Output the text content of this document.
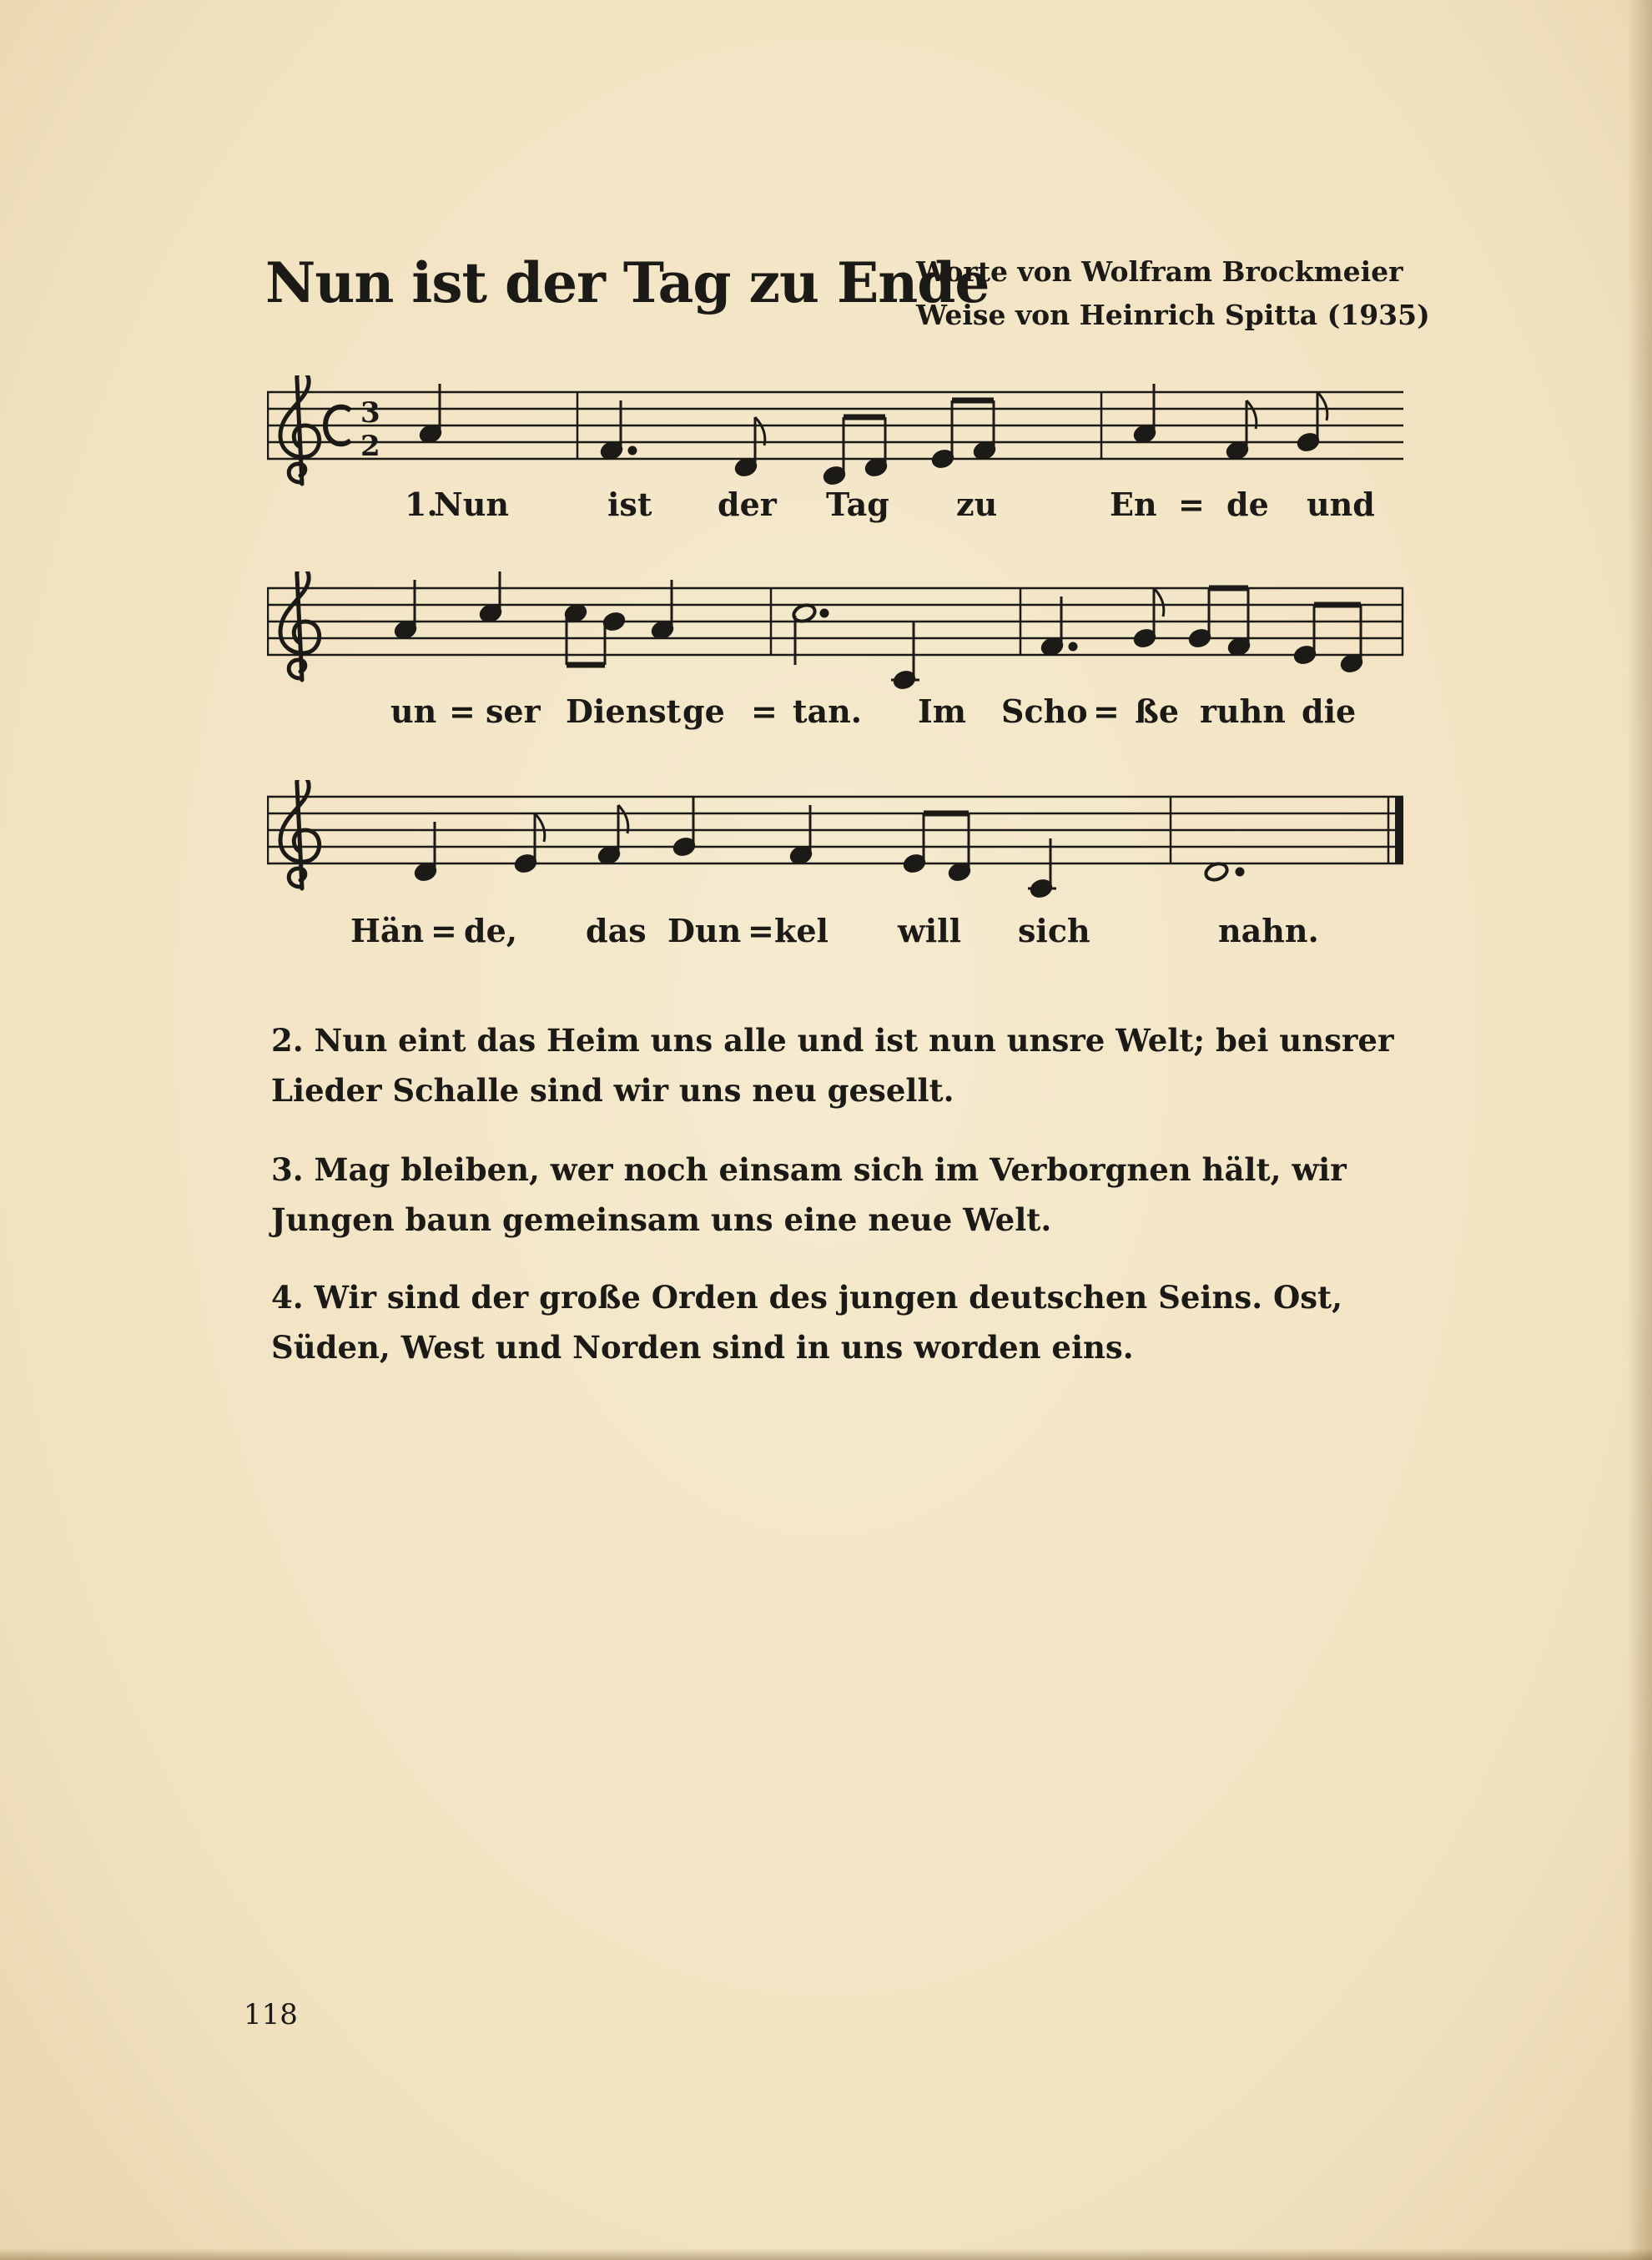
Nun ist der Tag zu Ende
Worte von Wolfram Brockmeier
Weise von Heinrich Spitta (1935)
3
2
1.
Nun	ist der Tag zu	En = de und
un = ser Dienst ge = tan. Im Scho = ße ruhn die
Hän = de, das Dun = kel will sich	nahn.
2. Nun eint das Heim uns alle und ist nun unsre Welt; bei unsrer Lieder Schalle sind wir uns neu gesellt.
3. Mag bleiben, wer noch einsam sich im Verborgnen hält, wir Jungen baun gemeinsam uns eine neue Welt.
4. Wir sind der große Orden des jungen deutschen Seins. Ost, Süden, West und Norden sind in uns worden eins.
118
